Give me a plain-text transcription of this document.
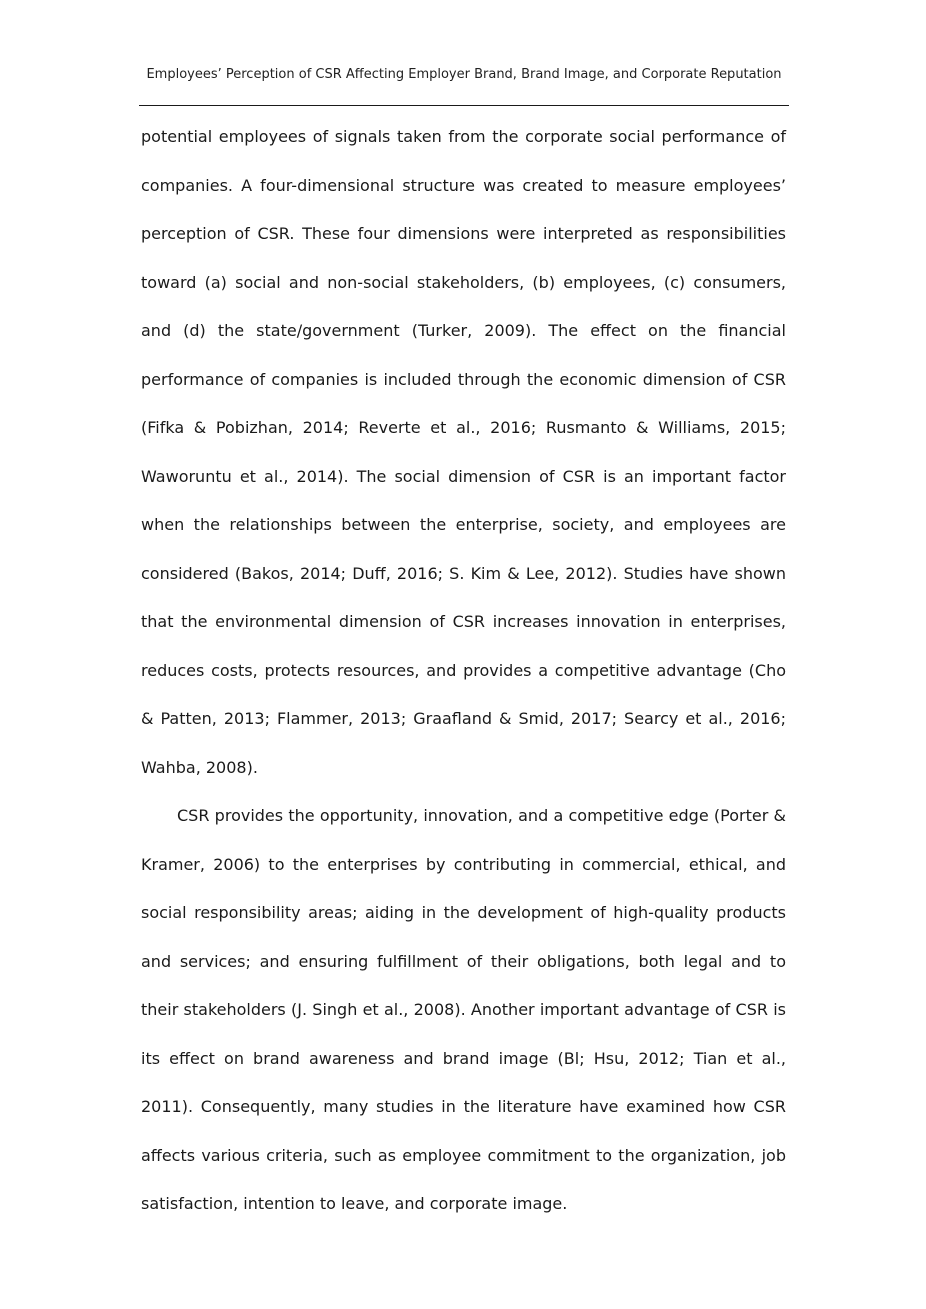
Employees’ Perception of CSR Affecting Employer Brand, Brand Image, and Corporate Reputation

potential employees of signals taken from the corporate social performance of companies. A four-dimensional structure was created to measure employees’ perception of CSR. These four dimensions were interpreted as responsibilities toward (a) social and non-social stakeholders, (b) employees, (c) consumers, and (d) the state/government (Turker, 2009). The effect on the financial performance of companies is included through the economic dimension of CSR (Fifka & Pobizhan, 2014; Reverte et al., 2016; Rusmanto & Williams, 2015; Waworuntu et al., 2014). The social dimension of CSR is an important factor when the relationships between the enterprise, society, and employees are considered (Bakos, 2014; Duff, 2016; S. Kim & Lee, 2012). Studies have shown that the environmental dimension of CSR increases innovation in enterprises, reduces costs, protects resources, and provides a competitive advantage (Cho & Patten, 2013; Flammer, 2013; Graafland & Smid, 2017; Searcy et al., 2016; Wahba, 2008).

CSR provides the opportunity, innovation, and a competitive edge (Porter & Kramer, 2006) to the enterprises by contributing in commercial, ethical, and social responsibility areas; aiding in the development of high-quality products and services; and ensuring fulfillment of their obligations, both legal and to their stakeholders (J. Singh et al., 2008). Another important advantage of CSR is its effect on brand awareness and brand image (Bl; Hsu, 2012; Tian et al., 2011). Consequently, many studies in the literature have examined how CSR affects various criteria, such as employee commitment to the organization, job satisfaction, intention to leave, and corporate image.
